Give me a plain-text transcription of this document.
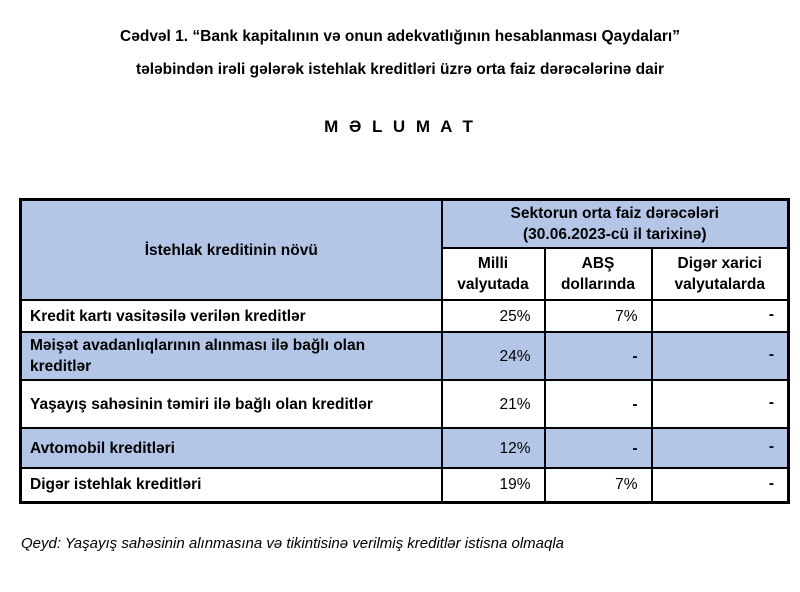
Cədvəl 1. “Bank kapitalının və onun adekvatlığının hesablanması Qaydaları”
tələbindən irəli gələrək istehlak kreditləri üzrə orta faiz dərəcələrinə dair
M Ə L U M A T
İstehlak kreditinin növü	Sektorun orta faiz dərəcələri
(30.06.2023-cü il tarixinə)		
	Milli valyutada	ABŞ dollarında	Digər xarici valyutalarda
Kredit kartı vasitəsilə verilən kreditlər	25%	7%	-
Məişət avadanlıqlarının alınması ilə bağlı olan kreditlər	24%	-	-
Yaşayış sahəsinin təmiri ilə bağlı olan kreditlər	21%	-	-
Avtomobil kreditləri	12%	-	-
Digər istehlak kreditləri	19%	7%	-

Qeyd: Yaşayış sahəsinin alınmasına və tikintisinə verilmiş kreditlər istisna olmaqla
